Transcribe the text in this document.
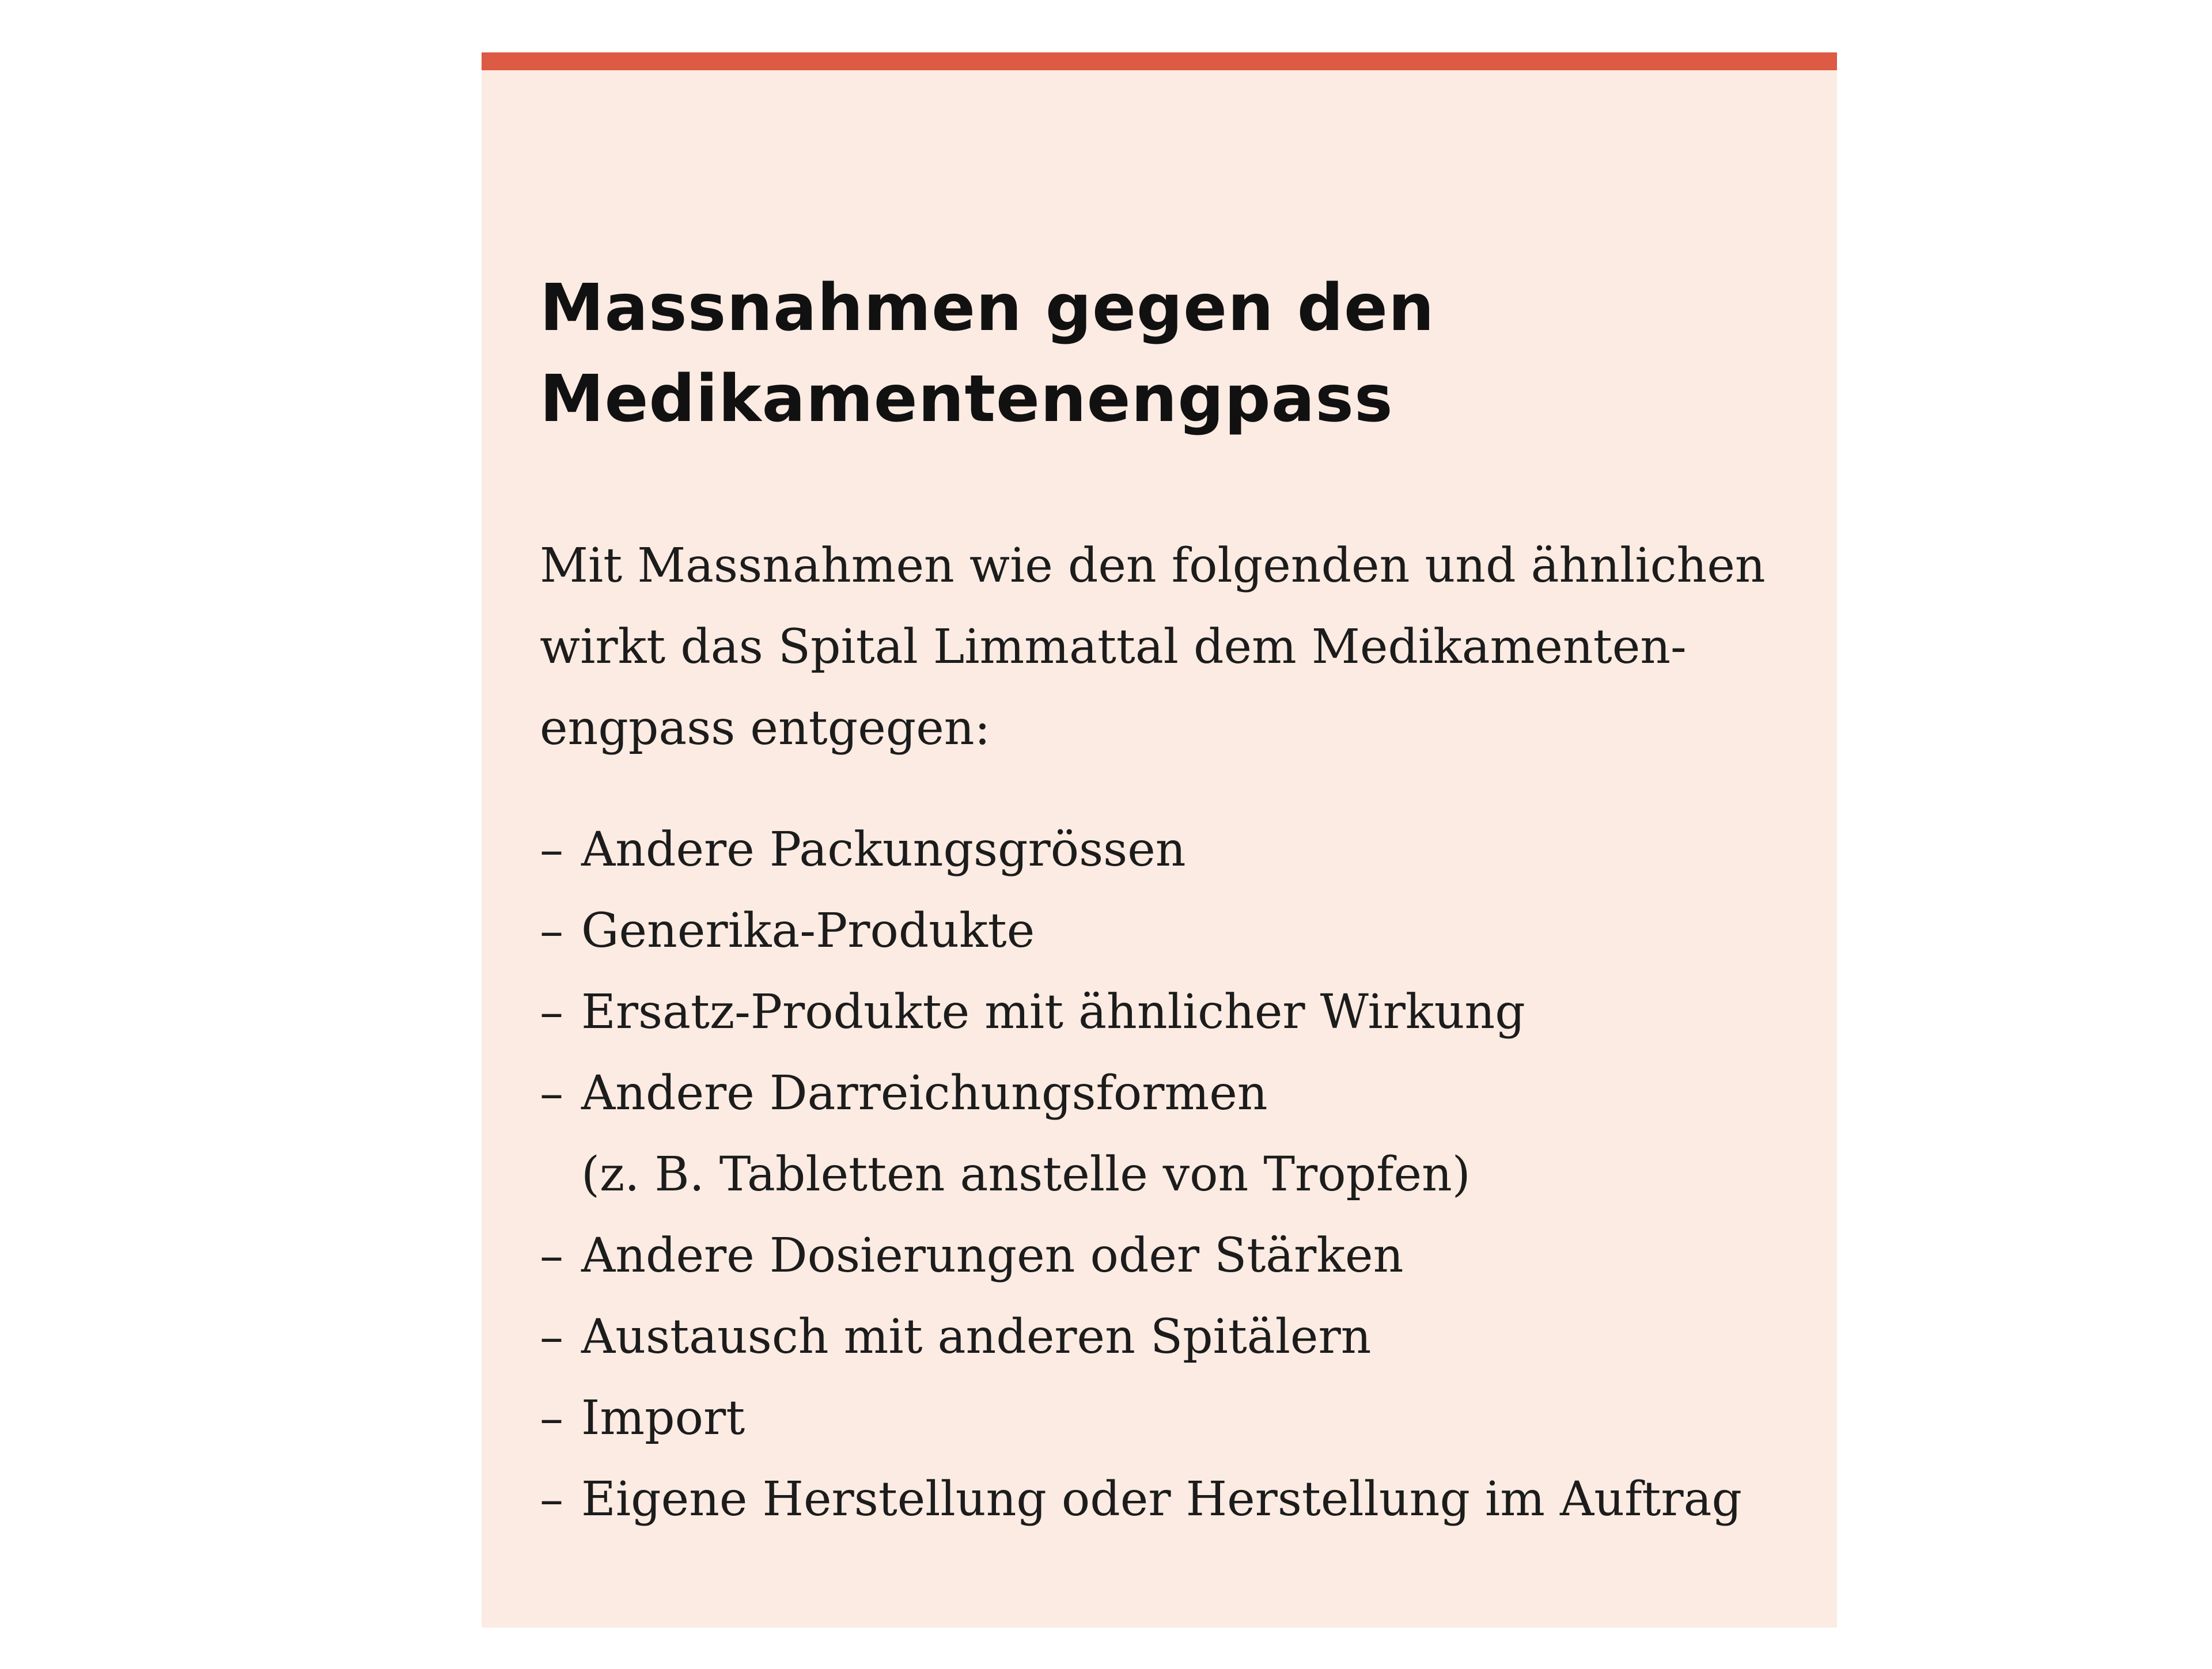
Massnahmen gegen den
Medikamentenengpass

Mit Massnahmen wie den folgenden und ähnlichen
wirkt das Spital Limmattal dem Medikamenten-
engpass entgegen:

– Andere Packungsgrössen
– Generika-Produkte
– Ersatz-Produkte mit ähnlicher Wirkung
– Andere Darreichungsformen
(z. B. Tabletten anstelle von Tropfen)
– Andere Dosierungen oder Stärken
– Austausch mit anderen Spitälern
– Import
– Eigene Herstellung oder Herstellung im Auftrag
